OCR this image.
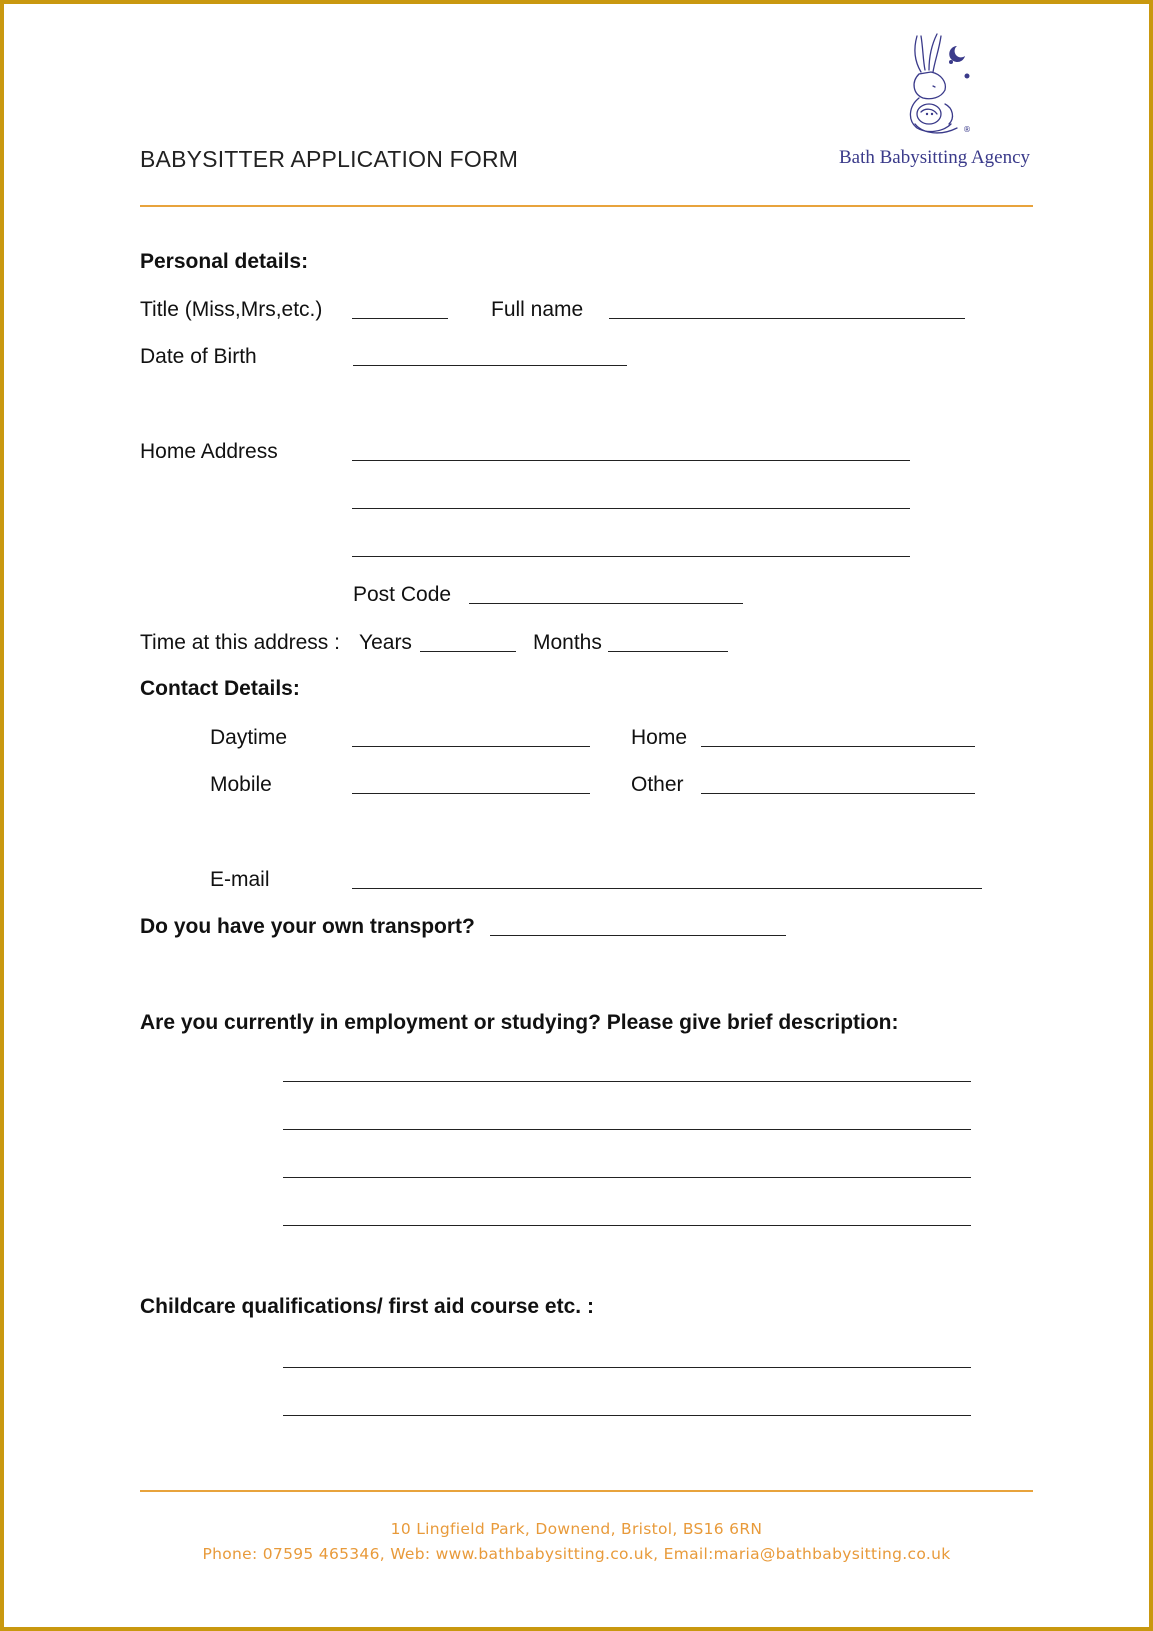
BABYSITTER APPLICATION FORM
®
Bath Babysitting Agency
Personal details:
Title (Miss,Mrs,etc.)	Full name
Date of Birth
Home Address
Post Code
Time at this address : Years	Months
Contact Details:
Daytime	Home
Mobile	Other
E-mail
Do you have your own transport?
Are you currently in employment or studying? Please give brief description:
Childcare qualifications/ first aid course etc. :
10 Lingfield Park, Downend, Bristol, BS16 6RN
Phone: 07595 465346, Web: www.bathbabysitting.co.uk, Email:maria@bathbabysitting.co.uk
